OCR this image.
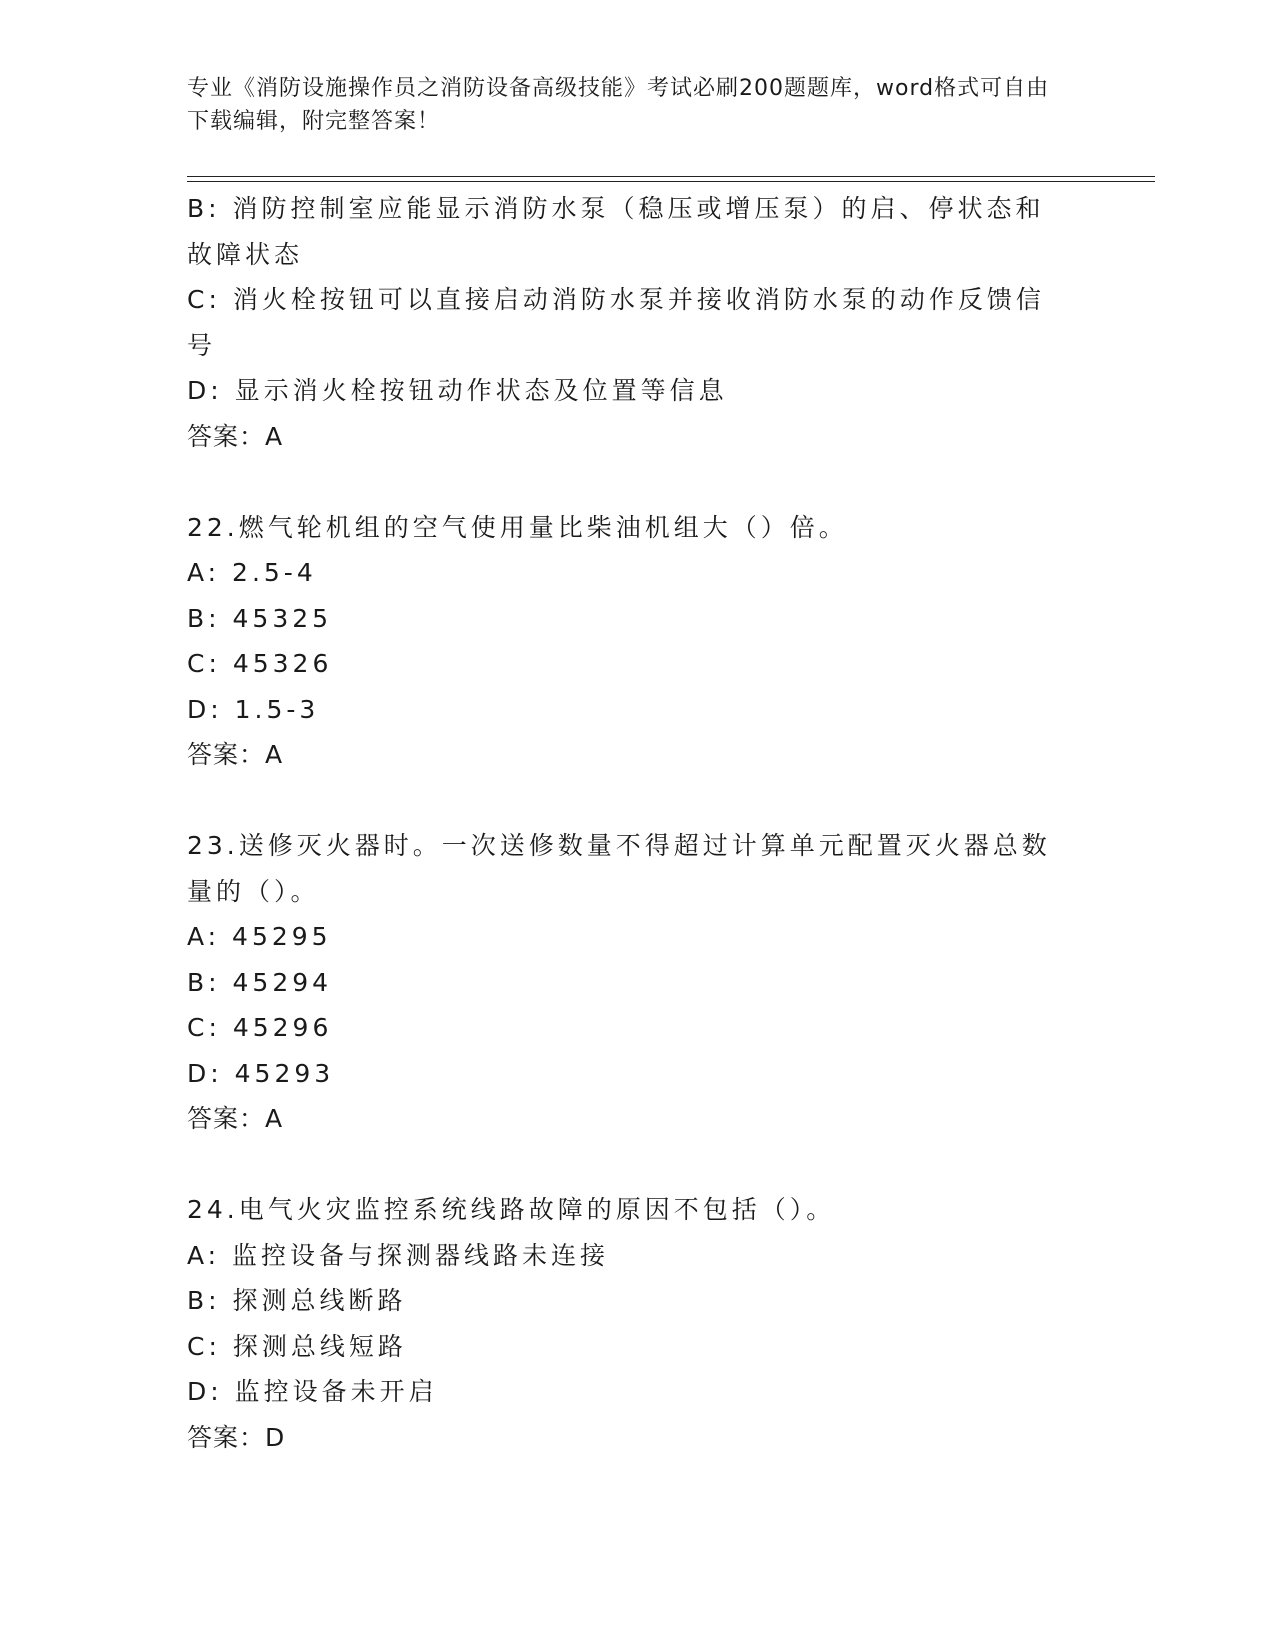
专业《消防设施操作员之消防设备高级技能》考试必刷200题题库，word格式可自由下载编辑，附完整答案！
B: 消防控制室应能显示消防水泵（稳压或增压泵）的启、停状态和故障状态
C: 消火栓按钮可以直接启动消防水泵并接收消防水泵的动作反馈信号
D: 显示消火栓按钮动作状态及位置等信息
答案：A
22.燃气轮机组的空气使用量比柴油机组大（）倍。
A: 2.5-4
B: 45325
C: 45326
D: 1.5-3
答案：A
23.送修灭火器时。一次送修数量不得超过计算单元配置灭火器总数量的（）。
A: 45295
B: 45294
C: 45296
D: 45293
答案：A
24.电气火灾监控系统线路故障的原因不包括（）。
A: 监控设备与探测器线路未连接
B: 探测总线断路
C: 探测总线短路
D: 监控设备未开启
答案：D
